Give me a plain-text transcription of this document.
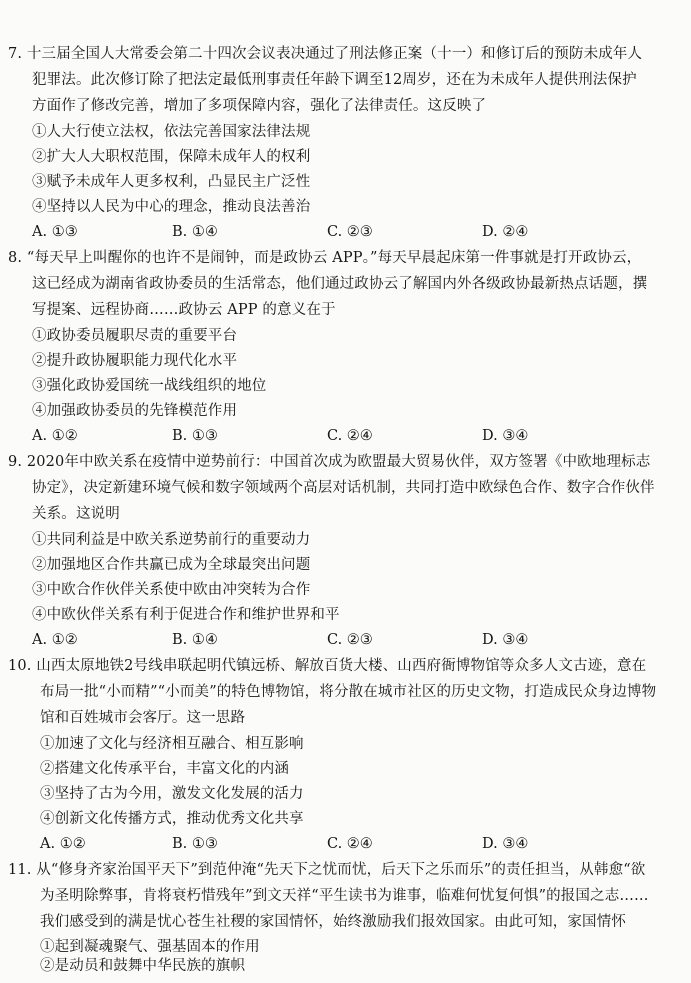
7. 十三届全国人大常委会第二十四次会议表决通过了刑法修正案（十一）和修订后的预防未成年人
犯罪法。此次修订除了把法定最低刑事责任年龄下调至12周岁，还在为未成年人提供刑法保护
方面作了修改完善，增加了多项保障内容，强化了法律责任。这反映了
①人大行使立法权，依法完善国家法律法规
②扩大人大职权范围，保障未成年人的权利
③赋予未成年人更多权利，凸显民主广泛性
④坚持以人民为中心的理念，推动良法善治
A. ①③	B. ①④	C. ②③	D. ②④
8. “每天早上叫醒你的也许不是闹钟，而是政协云 APP。”每天早晨起床第一件事就是打开政协云，
这已经成为湖南省政协委员的生活常态，他们通过政协云了解国内外各级政协最新热点话题，撰
写提案、远程协商……政协云 APP 的意义在于
①政协委员履职尽责的重要平台
②提升政协履职能力现代化水平
③强化政协爱国统一战线组织的地位
④加强政协委员的先锋模范作用
A. ①②	B. ①③	C. ②④	D. ③④
9. 2020年中欧关系在疫情中逆势前行：中国首次成为欧盟最大贸易伙伴，双方签署《中欧地理标志
协定》，决定新建环境气候和数字领域两个高层对话机制，共同打造中欧绿色合作、数字合作伙伴
关系。这说明
①共同利益是中欧关系逆势前行的重要动力
②加强地区合作共赢已成为全球最突出问题
③中欧合作伙伴关系使中欧由冲突转为合作
④中欧伙伴关系有利于促进合作和维护世界和平
A. ①②	B. ①④	C. ②③	D. ③④
10. 山西太原地铁2号线串联起明代镇远桥、解放百货大楼、山西府衙博物馆等众多人文古迹，意在
布局一批“小而精”“小而美”的特色博物馆，将分散在城市社区的历史文物，打造成民众身边博物
馆和百姓城市会客厅。这一思路
①加速了文化与经济相互融合、相互影响
②搭建文化传承平台，丰富文化的内涵
③坚持了古为今用，激发文化发展的活力
④创新文化传播方式，推动优秀文化共享
A. ①②	B. ①③	C. ②④	D. ③④
11. 从“修身齐家治国平天下”到范仲淹“先天下之忧而忧，后天下之乐而乐”的责任担当，从韩愈“欲
为圣明除弊事，肯将衰朽惜残年”到文天祥“平生读书为谁事，临难何忧复何惧”的报国之志……
我们感受到的满是忧心苍生社稷的家国情怀，始终激励我们报效国家。由此可知，家国情怀
①起到凝魂聚气、强基固本的作用
②是动员和鼓舞中华民族的旗帜
